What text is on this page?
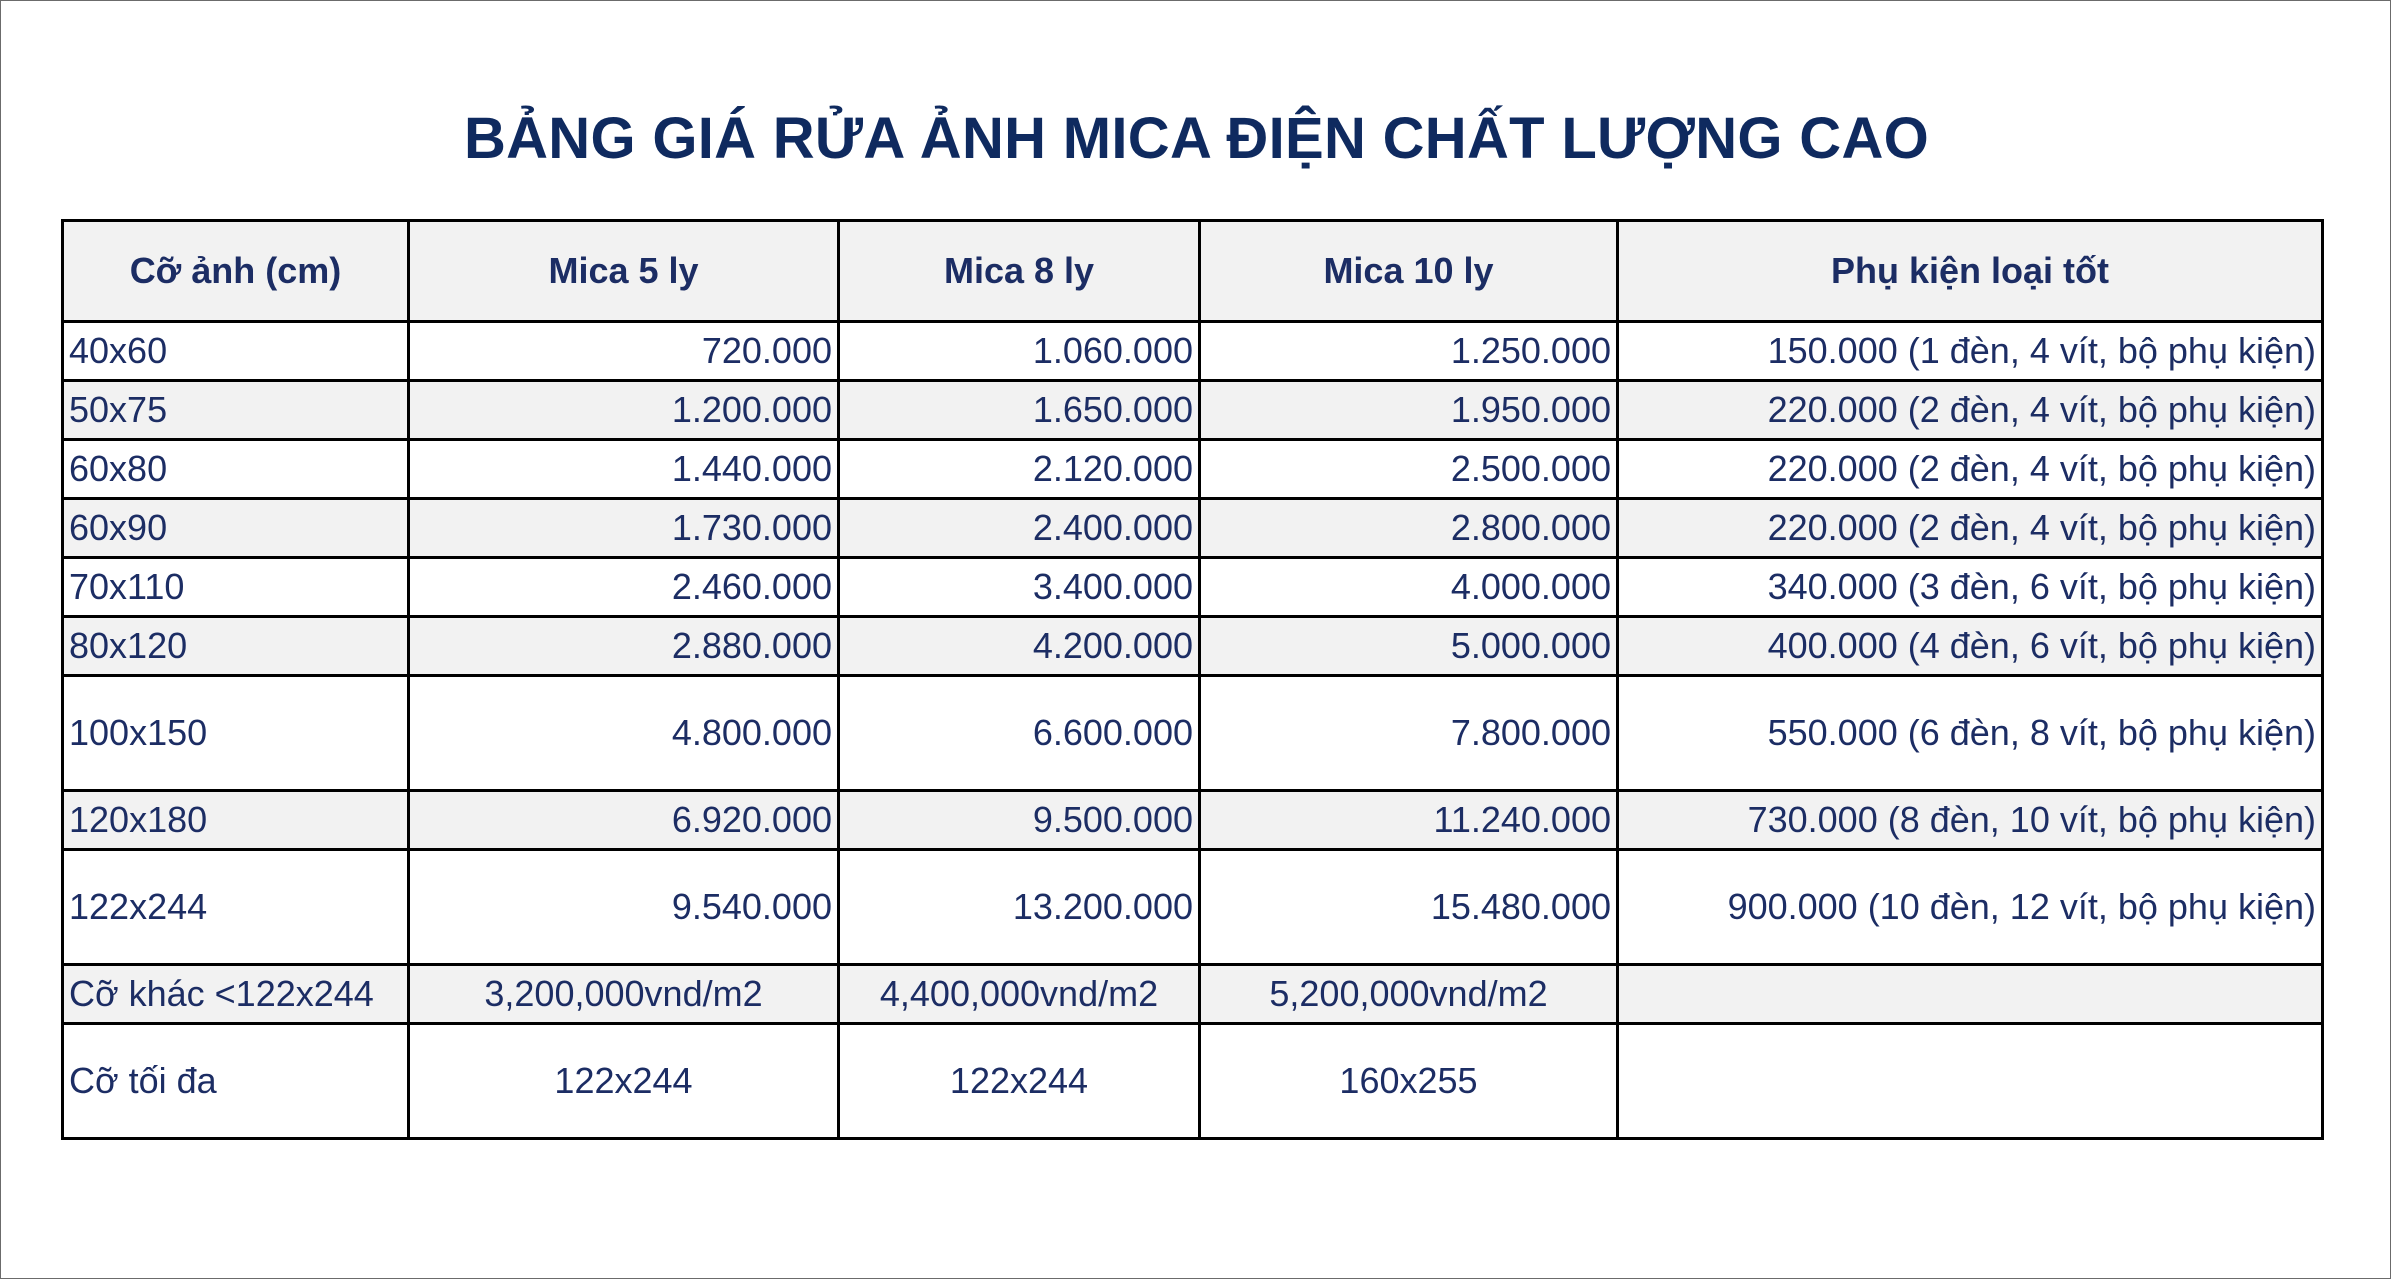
BẢNG GIÁ RỬA ẢNH MICA ĐIỆN CHẤT LƯỢNG CAO
Cỡ ảnh (cm)	Mica 5 ly	Mica 8 ly	Mica 10 ly	Phụ kiện loại tốt
40x60	720.000	1.060.000	1.250.000	150.000 (1 đèn, 4 vít, bộ phụ kiện)
50x75	1.200.000	1.650.000	1.950.000	220.000 (2 đèn, 4 vít, bộ phụ kiện)
60x80	1.440.000	2.120.000	2.500.000	220.000 (2 đèn, 4 vít, bộ phụ kiện)
60x90	1.730.000	2.400.000	2.800.000	220.000 (2 đèn, 4 vít, bộ phụ kiện)
70x110	2.460.000	3.400.000	4.000.000	340.000 (3 đèn, 6 vít, bộ phụ kiện)
80x120	2.880.000	4.200.000	5.000.000	400.000 (4 đèn, 6 vít, bộ phụ kiện)
100x150	4.800.000	6.600.000	7.800.000	550.000 (6 đèn, 8 vít, bộ phụ kiện)
120x180	6.920.000	9.500.000	11.240.000	730.000 (8 đèn, 10 vít, bộ phụ kiện)
122x244	9.540.000	13.200.000	15.480.000	900.000 (10 đèn, 12 vít, bộ phụ kiện)
Cỡ khác <122x244	3,200,000vnd/m2	4,400,000vnd/m2	5,200,000vnd/m2	
Cỡ tối đa	122x244	122x244	160x255	
